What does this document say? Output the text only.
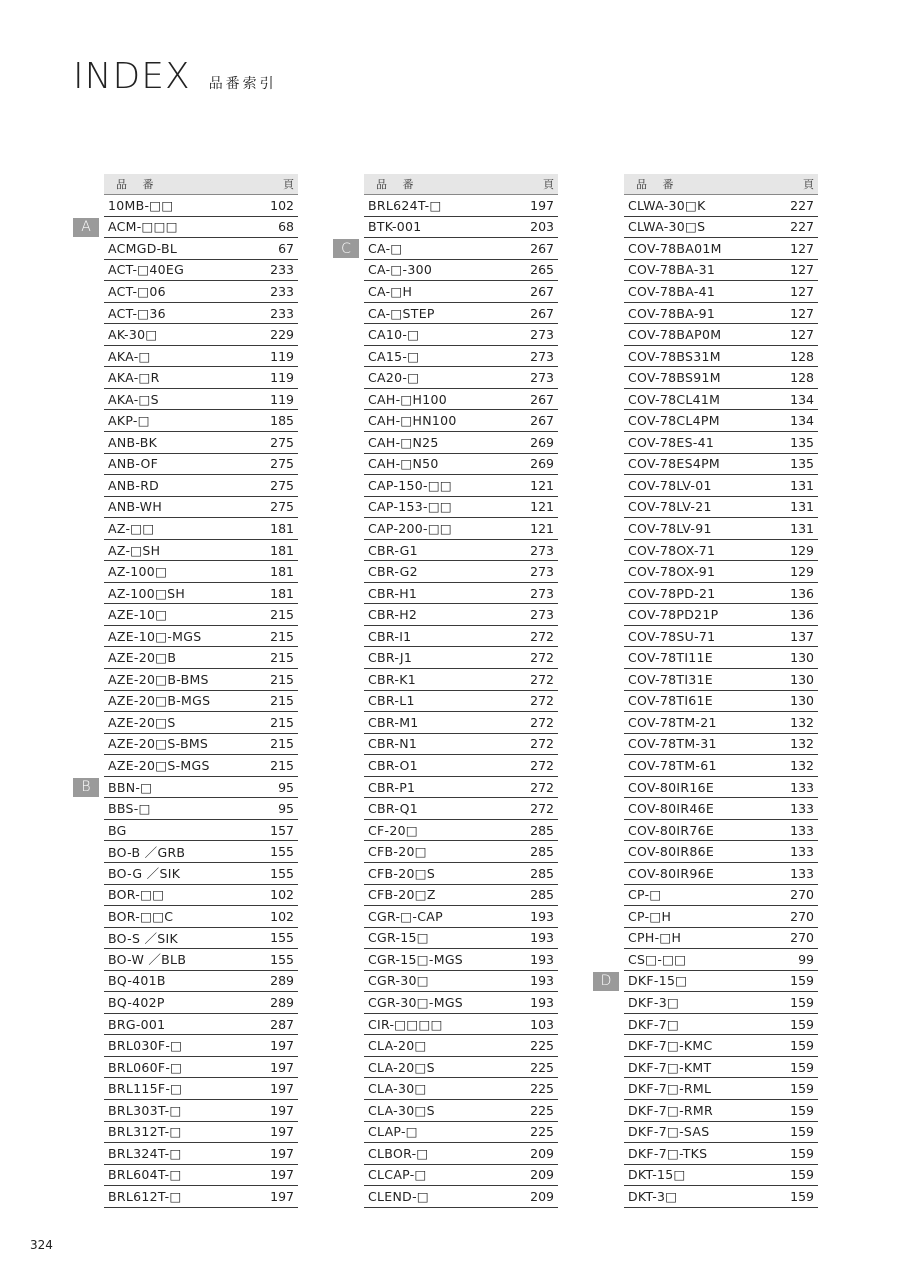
INDEX 品番索引
品 番	頁
10MB-□□	102
A	ACM-□□□	68
ACMGD-BL	67
ACT-□40EG	233
ACT-□06	233
ACT-□36	233
AK-30□	229
AKA-□	119
AKA-□R	119
AKA-□S	119
AKP-□	185
ANB-BK	275
ANB-OF	275
ANB-RD	275
ANB-WH	275
AZ-□□	181
AZ-□SH	181
AZ-100□	181
AZ-100□SH	181
AZE-10□	215
AZE-10□-MGS	215
AZE-20□B	215
AZE-20□B-BMS	215
AZE-20□B-MGS	215
AZE-20□S	215
AZE-20□S-BMS	215
AZE-20□S-MGS	215
B	BBN-□	95
BBS-□	95
BG	157
BO-B ／GRB	155
BO-G ／SIK	155
BOR-□□	102
BOR-□□C	102
BO-S ／SIK	155
BO-W ／BLB	155
BQ-401B	289
BQ-402P	289
BRG-001	287
BRL030F-□	197
BRL060F-□	197
BRL115F-□	197
BRL303T-□	197
BRL312T-□	197
BRL324T-□	197
BRL604T-□	197
BRL612T-□	197
品 番	頁
BRL624T-□	197
BTK-001	203
C	CA-□	267
CA-□-300	265
CA-□H	267
CA-□STEP	267
CA10-□	273
CA15-□	273
CA20-□	273
CAH-□H100	267
CAH-□HN100	267
CAH-□N25	269
CAH-□N50	269
CAP-150-□□	121
CAP-153-□□	121
CAP-200-□□	121
CBR-G1	273
CBR-G2	273
CBR-H1	273
CBR-H2	273
CBR-I1	272
CBR-J1	272
CBR-K1	272
CBR-L1	272
CBR-M1	272
CBR-N1	272
CBR-O1	272
CBR-P1	272
CBR-Q1	272
CF-20□	285
CFB-20□	285
CFB-20□S	285
CFB-20□Z	285
CGR-□-CAP	193
CGR-15□	193
CGR-15□-MGS	193
CGR-30□	193
CGR-30□-MGS	193
CIR-□□□□	103
CLA-20□	225
CLA-20□S	225
CLA-30□	225
CLA-30□S	225
CLAP-□	225
CLBOR-□	209
CLCAP-□	209
CLEND-□	209
品 番	頁
CLWA-30□K	227
CLWA-30□S	227
COV-78BA01M	127
COV-78BA-31	127
COV-78BA-41	127
COV-78BA-91	127
COV-78BAP0M	127
COV-78BS31M	128
COV-78BS91M	128
COV-78CL41M	134
COV-78CL4PM	134
COV-78ES-41	135
COV-78ES4PM	135
COV-78LV-01	131
COV-78LV-21	131
COV-78LV-91	131
COV-78OX-71	129
COV-78OX-91	129
COV-78PD-21	136
COV-78PD21P	136
COV-78SU-71	137
COV-78TI11E	130
COV-78TI31E	130
COV-78TI61E	130
COV-78TM-21	132
COV-78TM-31	132
COV-78TM-61	132
COV-80IR16E	133
COV-80IR46E	133
COV-80IR76E	133
COV-80IR86E	133
COV-80IR96E	133
CP-□	270
CP-□H	270
CPH-□H	270
CS□-□□	99
D	DKF-15□	159
DKF-3□	159
DKF-7□	159
DKF-7□-KMC	159
DKF-7□-KMT	159
DKF-7□-RML	159
DKF-7□-RMR	159
DKF-7□-SAS	159
DKF-7□-TKS	159
DKT-15□	159
DKT-3□	159
324
